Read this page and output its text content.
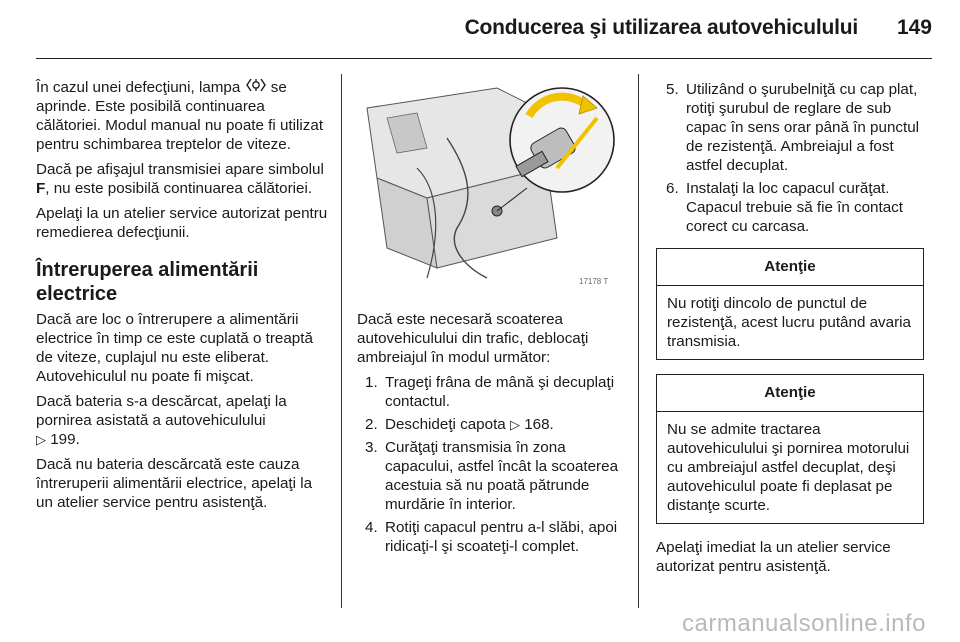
Conducerea şi utilizarea autovehiculului 149

În cazul unei defecţiuni, lampa  se aprinde. Este posibilă continuarea călătoriei. Modul manual nu poate fi utilizat pentru schimbarea treptelor de viteze.

Dacă pe afişajul transmisiei apare simbolul F, nu este posibilă continuarea călătoriei.

Apelaţi la un atelier service autorizat pentru remedierea defecţiunii.

Întreruperea alimentării electrice

Dacă are loc o întrerupere a alimentării electrice în timp ce este cuplată o treaptă de viteze, cuplajul nu este eliberat. Autovehiculul nu poate fi mişcat.

Dacă bateria s-a descărcat, apelaţi la pornirea asistată a autovehiculului
▷ 199.

Dacă nu bateria descărcată este cauza întreruperii alimentării electrice, apelaţi la un atelier service pentru asistenţă.

17178 T

Dacă este necesară scoaterea autovehiculului din trafic, deblocaţi ambreiajul în modul următor:

1. Trageţi frâna de mână şi decuplaţi contactul.
2. Deschideţi capota ▷ 168.
3. Curăţaţi transmisia în zona capacului, astfel încât la scoaterea acestuia să nu poată pătrunde murdărie în interior.
4. Rotiţi capacul pentru a-l slăbi, apoi ridicaţi-l şi scoateţi-l complet.
5. Utilizând o şurubelniţă cu cap plat, rotiţi şurubul de reglare de sub capac în sens orar până în punctul de rezistenţă. Ambreiajul a fost astfel decuplat.
6. Instalaţi la loc capacul curăţat. Capacul trebuie să fie în contact corect cu carcasa.
Atenţie
Nu rotiţi dincolo de punctul de rezistenţă, acest lucru putând avaria transmisia.
Atenţie
Nu se admite tractarea autovehiculului şi pornirea motorului cu ambreiajul astfel decuplat, deşi autovehiculul poate fi deplasat pe distanţe scurte.

Apelaţi imediat la un atelier service autorizat pentru asistenţă.

carmanualsonline.info
